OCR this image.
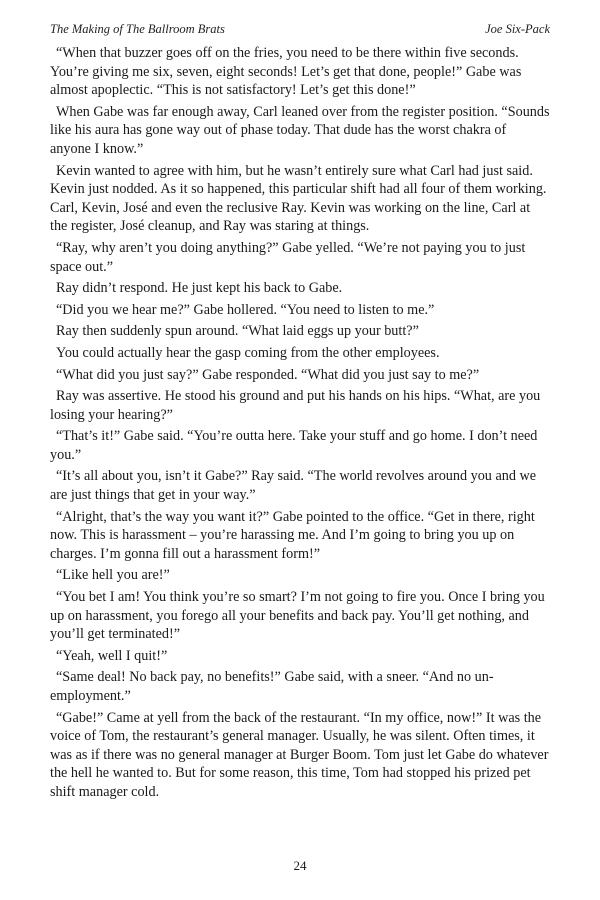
The Making of The Ballroom Brats	Joe Six-Pack

“When that buzzer goes off on the fries, you need to be there within five seconds. You’re giving me six, seven, eight seconds! Let’s get that done, people!” Gabe was almost apoplectic. “This is not satisfactory! Let’s get this done!”

When Gabe was far enough away, Carl leaned over from the register position. “Sounds like his aura has gone way out of phase today. That dude has the worst chakra of anyone I know.”

Kevin wanted to agree with him, but he wasn’t entirely sure what Carl had just said. Kevin just nodded. As it so happened, this particular shift had all four of them working. Carl, Kevin, José and even the reclusive Ray. Kevin was working on the line, Carl at the register, José cleanup, and Ray was staring at things.

“Ray, why aren’t you doing anything?” Gabe yelled. “We’re not paying you to just space out.”

Ray didn’t respond. He just kept his back to Gabe.

“Did you we hear me?” Gabe hollered. “You need to listen to me.”

Ray then suddenly spun around. “What laid eggs up your butt?”

You could actually hear the gasp coming from the other employees.

“What did you just say?” Gabe responded. “What did you just say to me?”

Ray was assertive. He stood his ground and put his hands on his hips. “What, are you losing your hearing?”

“That’s it!” Gabe said. “You’re outta here. Take your stuff and go home. I don’t need you.”

“It’s all about you, isn’t it Gabe?” Ray said. “The world revolves around you and we are just things that get in your way.”

“Alright, that’s the way you want it?” Gabe pointed to the office. “Get in there, right now. This is harassment – you’re harassing me. And I’m going to bring you up on charges. I’m gonna fill out a harassment form!”

“Like hell you are!”

“You bet I am! You think you’re so smart? I’m not going to fire you. Once I bring you up on harassment, you forego all your benefits and back pay. You’ll get nothing, and you’ll get terminated!”

“Yeah, well I quit!”

“Same deal! No back pay, no benefits!” Gabe said, with a sneer. “And no unemployment.”

“Gabe!” Came at yell from the back of the restaurant. “In my office, now!” It was the voice of Tom, the restaurant’s general manager. Usually, he was silent. Often times, it was as if there was no general manager at Burger Boom. Tom just let Gabe do whatever the hell he wanted to. But for some reason, this time, Tom had stopped his prized pet shift manager cold.

24
